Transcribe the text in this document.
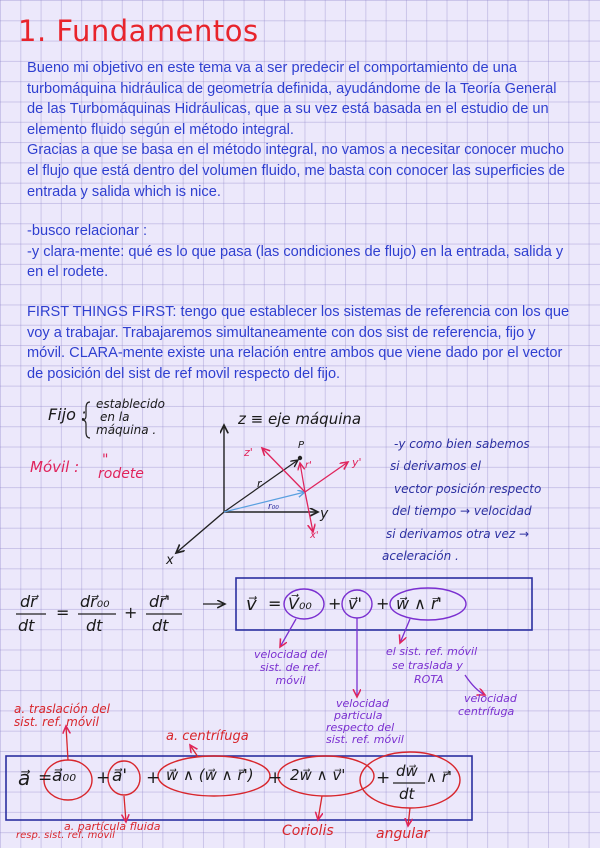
1. Fundamentos
Bueno mi objetivo en este tema va a ser predecir el comportamiento de una turbomáquina hidráulica de geometría definida, ayudándome de la Teoría General de las Turbomáquinas Hidráulicas, que a su vez está basada en el estudio de un elemento fluido según el método integral.
Gracias a que se basa en el método integral, no vamos a necesitar conocer mucho el flujo que está dentro del volumen fluido, me basta con conocer las superficies de entrada y salida which is nice.
-busco relacionar :
-y clara-mente: qué es lo que pasa (las condiciones de flujo) en la entrada, salida y en el rodete.
FIRST THINGS FIRST: tengo que establecer los sistemas de referencia con los que voy a trabajar. Trabajaremos simultaneamente con dos sist de referencia, fijo y móvil. CLARA-mente existe una relación entre ambos que viene dado por el vector de posición del sist de ref movil respecto del fijo.
Fijo :
establecido
en la
máquina .
Móvil : "
rodete
z ≡ eje máquina
y
x
P
r
r'
r₀₀
z'
y'
x'
-y como bien sabemos
si derivamos el
vector posición respecto
del tiempo → velocidad
si derivamos otra vez →
aceleración .
dr⃗
dt
=
dr⃗₀₀
dt
+
dr⃗'
dt
v⃗ = V⃗₀₀ + v⃗' + w⃗ ∧ r⃗'
velocidad del
sist. de ref.
móvil
el sist. ref. móvil
se traslada y
ROTA
velocidad
particula
respecto del
sist. ref. móvil
velocidad
centrífuga
a. traslación del
sist. ref. móvil
a. centrífuga
a⃗ = a⃗₀₀ + a⃗' + w⃗ ∧ (w⃗ ∧ r⃗') + 2w⃗ ∧ v⃗' + dw⃗
dt
∧ r⃗'
resp. sist. ref. móvil
a. partícula fluida	Coriolis	angular
